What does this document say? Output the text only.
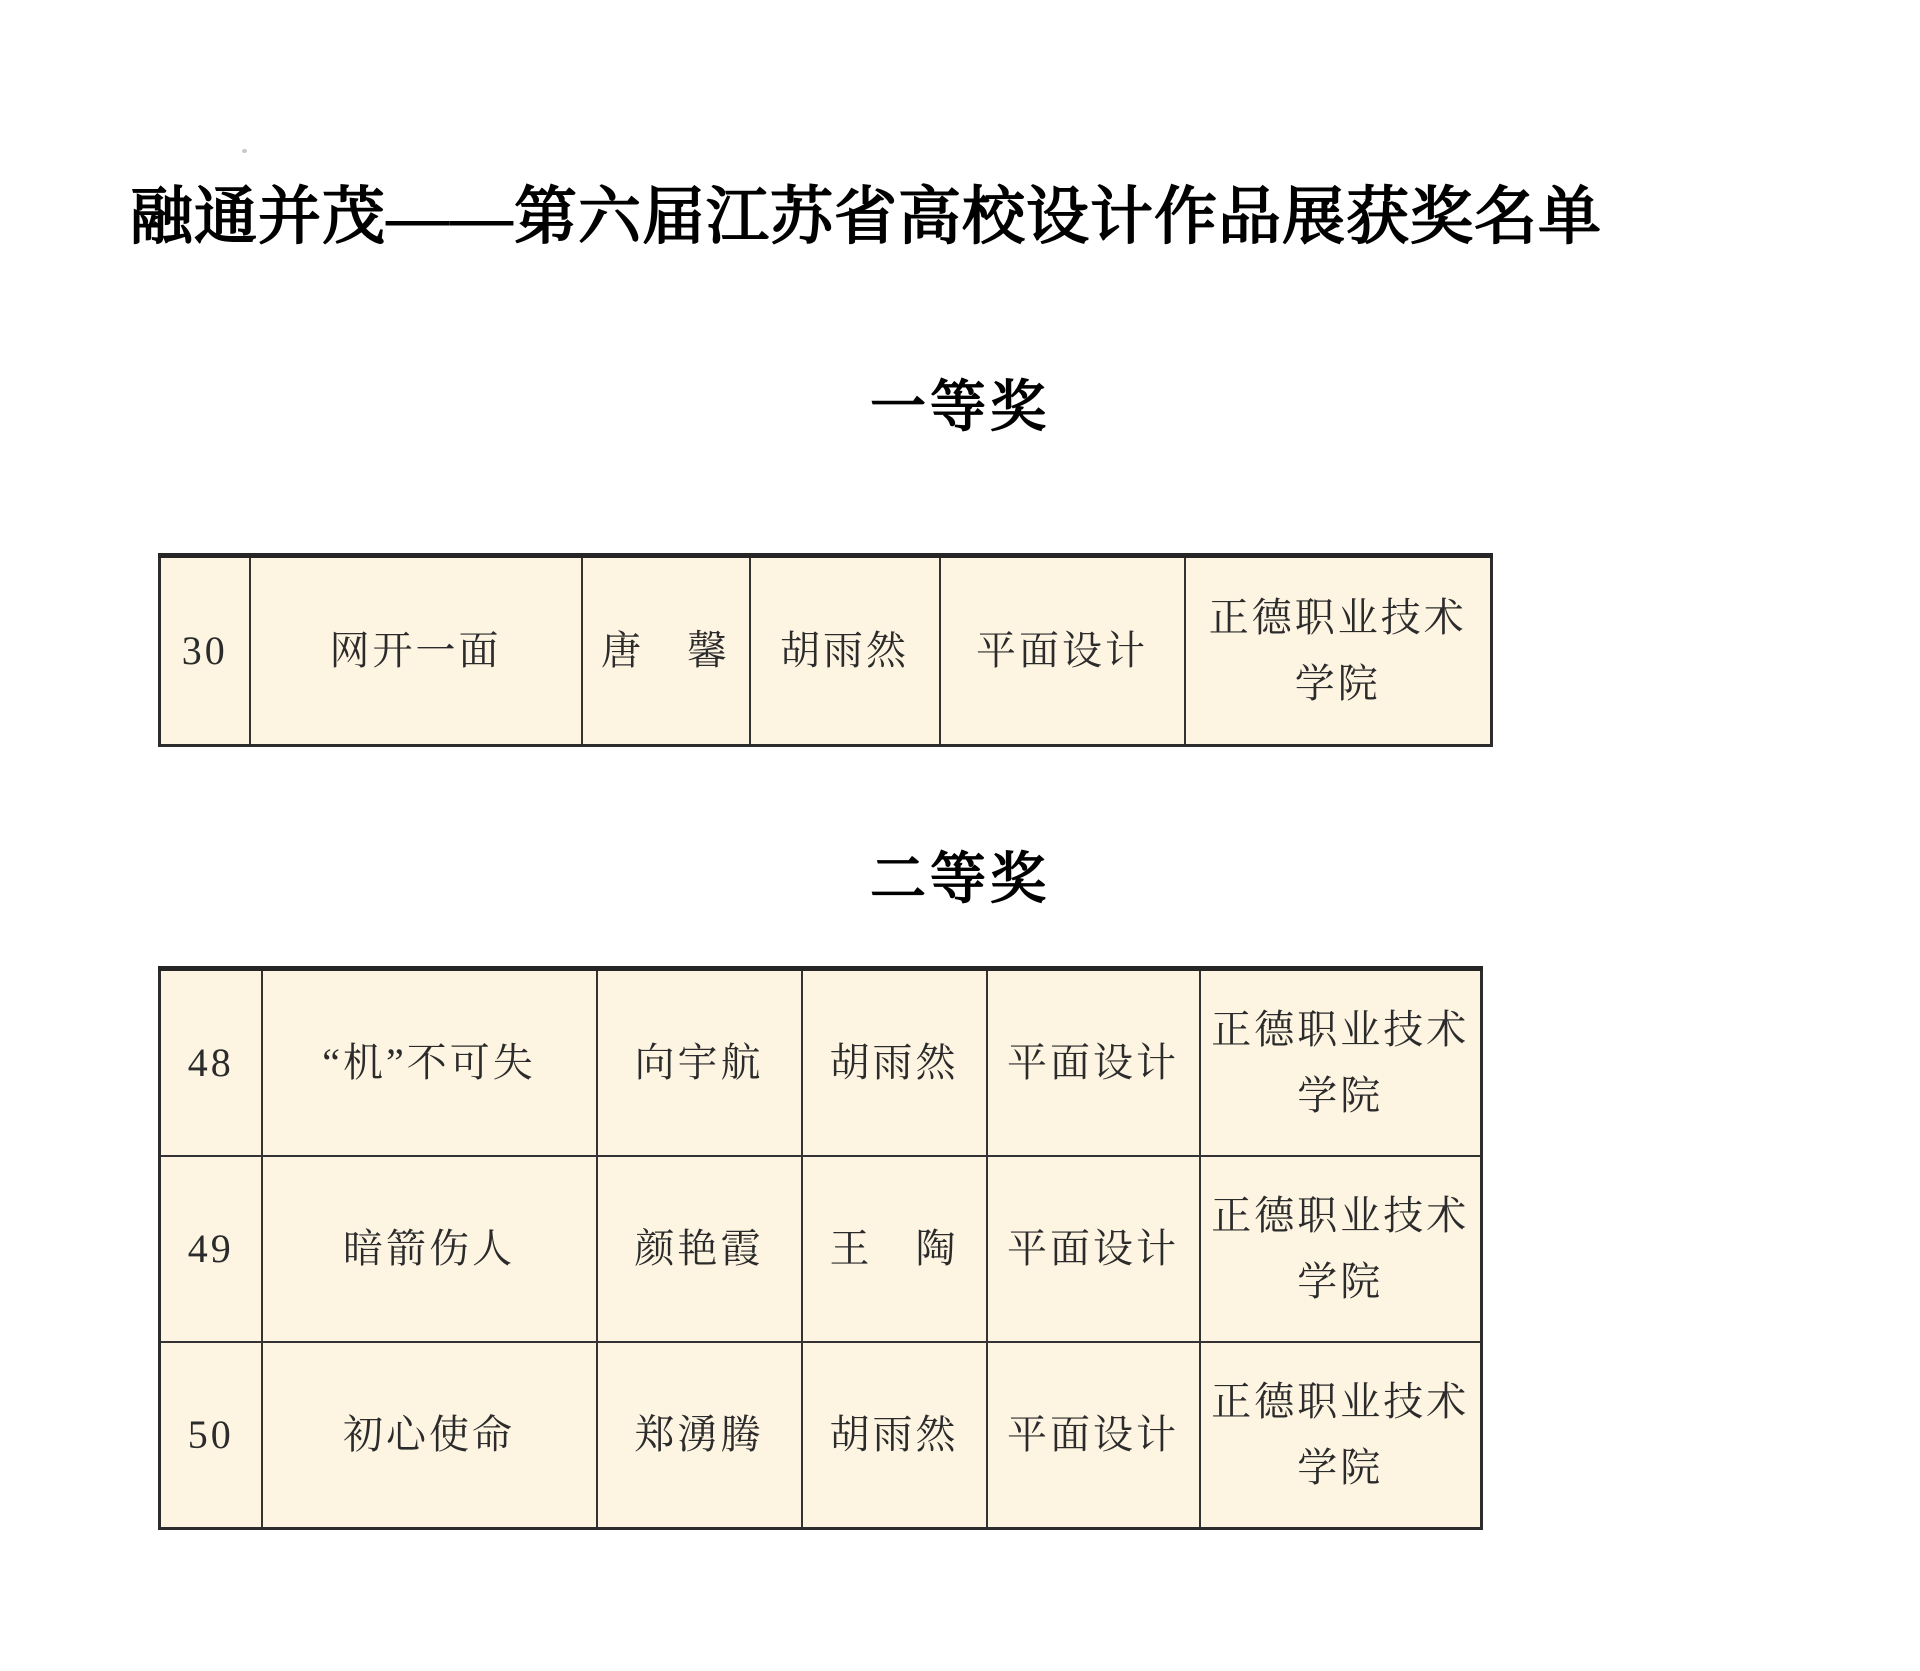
融通并茂——第六届江苏省高校设计作品展获奖名单
一等奖
30	网开一面	唐　馨	胡雨然	平面设计	正德职业技术学院
二等奖
48	“机”不可失	向宇航	胡雨然	平面设计	正德职业技术学院
49	暗箭伤人	颜艳霞	王　陶	平面设计	正德职业技术学院
50	初心使命	郑湧腾	胡雨然	平面设计	正德职业技术学院
